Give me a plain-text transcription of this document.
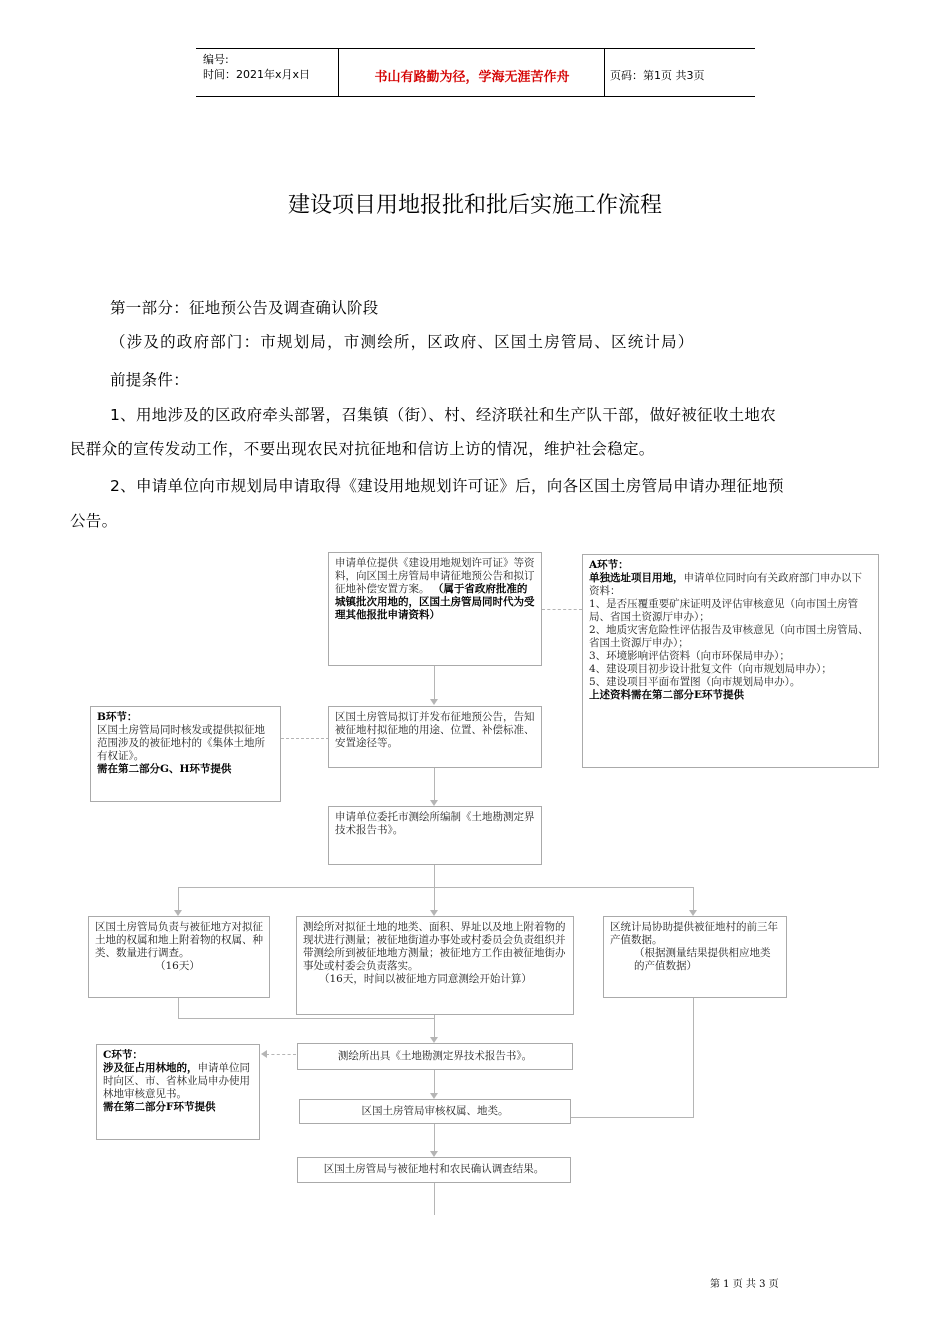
编号:
时间：2021年x月x日	书山有路勤为径，学海无涯苦作舟	页码：第1页 共3页
建设项目用地报批和批后实施工作流程
第一部分：征地预公告及调查确认阶段
（涉及的政府部门：市规划局，市测绘所，区政府、区国土房管局、区统计局）
前提条件：
1、用地涉及的区政府牵头部署，召集镇（街）、村、经济联社和生产队干部，做好被征收土地农
民群众的宣传发动工作，不要出现农民对抗征地和信访上访的情况，维护社会稳定。
2、申请单位向市规划局申请取得《建设用地规划许可证》后，向各区国土房管局申请办理征地预
公告。
申请单位提供《建设用地规划许可证》等资料，向区国土房管局申请征地预公告和拟订征地补偿安置方案。 （属于省政府批准的城镇批次用地的，区国土房管局同时代为受理其他报批申请资料）
A环节：
单独选址项目用地，申请单位同时向有关政府部门申办以下资料：
1、是否压覆重要矿床证明及评估审核意见（向市国土房管局、省国土资源厅申办）；
2、地质灾害危险性评估报告及审核意见（向市国土房管局、省国土资源厅申办）；
3、环境影响评估资料（向市环保局申办）；
4、建设项目初步设计批复文件（向市规划局申办）；
5、建设项目平面布置图（向市规划局申办）。
上述资料需在第二部分E环节提供
B环节：
区国土房管局同时核发或提供拟征地范围涉及的被征地村的《集体土地所有权证》。
需在第二部分G、H环节提供
区国土房管局拟订并发布征地预公告，告知被征地村拟征地的用途、位置、补偿标准、安置途径等。
申请单位委托市测绘所编制《土地勘测定界技术报告书》。
区国土房管局负责与被征地方对拟征土地的权属和地上附着物的权属、种类、数量进行调查。
（16天）
测绘所对拟征土地的地类、面积、界址以及地上附着物的现状进行测量；被征地街道办事处或村委员会负责组织并带测绘所到被征地地方测量；被征地方工作由被征地街办事处或村委会负责落实。
（16天，时间以被征地方同意测绘开始计算）
区统计局协助提供被征地村的前三年产值数据。
（根据测量结果提供相应地类的产值数据）
C环节：
涉及征占用林地的，申请单位同时向区、市、省林业局申办使用林地审核意见书。
需在第二部分F环节提供
测绘所出具《土地勘测定界技术报告书》。
区国土房管局审核权属、地类。
区国土房管局与被征地村和农民确认调查结果。
第 1 页 共 3 页
